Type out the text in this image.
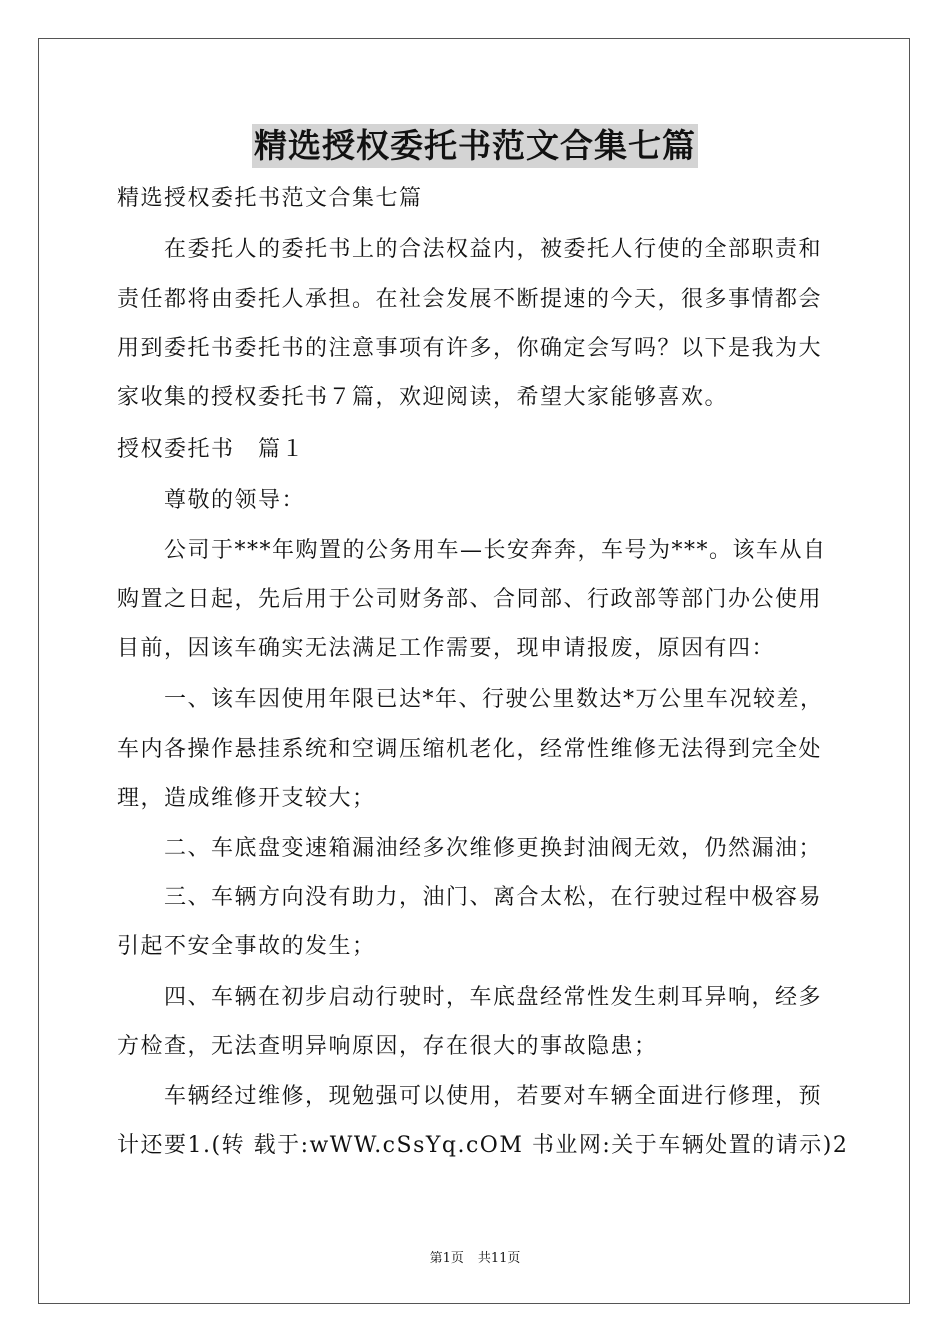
精选授权委托书范文合集七篇
精选授权委托书范文合集七篇
　　在委托人的委托书上的合法权益内，被委托人行使的全部职责和
责任都将由委托人承担。在社会发展不断提速的今天，很多事情都会
用到委托书委托书的注意事项有许多，你确定会写吗？以下是我为大
家收集的授权委托书７篇，欢迎阅读，希望大家能够喜欢。
授权委托书　篇１
　　尊敬的领导：
　　公司于***年购置的公务用车—长安奔奔，车号为***。该车从自
购置之日起，先后用于公司财务部、合同部、行政部等部门办公使用
目前，因该车确实无法满足工作需要，现申请报废，原因有四：
　　一、该车因使用年限已达*年、行驶公里数达*万公里车况较差，
车内各操作悬挂系统和空调压缩机老化，经常性维修无法得到完全处
理，造成维修开支较大；
　　二、车底盘变速箱漏油经多次维修更换封油阀无效，仍然漏油；
　　三、车辆方向没有助力，油门、离合太松，在行驶过程中极容易
引起不安全事故的发生；
　　四、车辆在初步启动行驶时，车底盘经常性发生刺耳异响，经多
方检查，无法查明异响原因，存在很大的事故隐患；
　　车辆经过维修，现勉强可以使用，若要对车辆全面进行修理，预
计还要1.(转 载于:wWW.cSsYq.cOM 书业网:关于车辆处置的请示)2
第1页 共11页
